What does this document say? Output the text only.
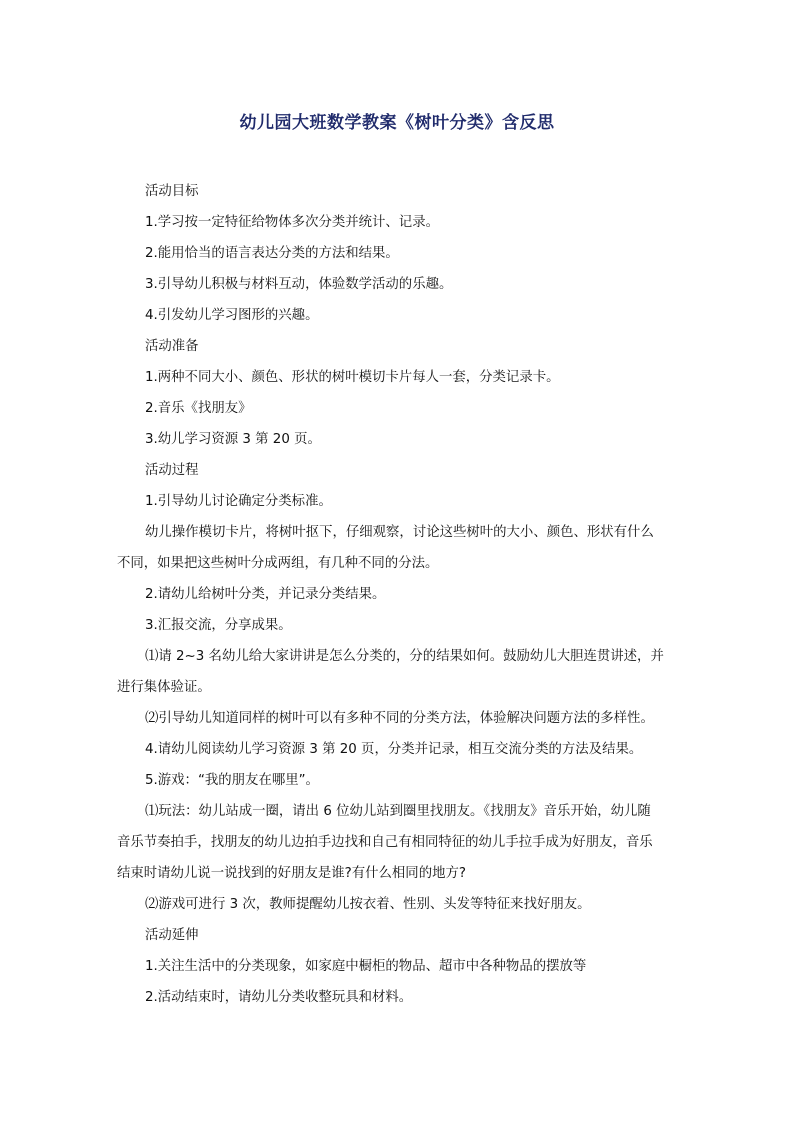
幼儿园大班数学教案《树叶分类》含反思

活动目标

1.学习按一定特征给物体多次分类并统计、记录。

2.能用恰当的语言表达分类的方法和结果。

3.引导幼儿积极与材料互动，体验数学活动的乐趣。

4.引发幼儿学习图形的兴趣。

活动准备

1.两种不同大小、颜色、形状的树叶模切卡片每人一套，分类记录卡。

2.音乐《找朋友》

3.幼儿学习资源 3 第 20 页。

活动过程

1.引导幼儿讨论确定分类标准。

幼儿操作模切卡片，将树叶抠下，仔细观察，讨论这些树叶的大小、颜色、形状有什么
不同，如果把这些树叶分成两组，有几种不同的分法。

2.请幼儿给树叶分类，并记录分类结果。

3.汇报交流，分享成果。

⑴请 2~3 名幼儿给大家讲讲是怎么分类的，分的结果如何。鼓励幼儿大胆连贯讲述，并
进行集体验证。

⑵引导幼儿知道同样的树叶可以有多种不同的分类方法，体验解决问题方法的多样性。

4.请幼儿阅读幼儿学习资源 3 第 20 页，分类并记录，相互交流分类的方法及结果。

5.游戏：“我的朋友在哪里”。

⑴玩法：幼儿站成一圈，请出 6 位幼儿站到圈里找朋友。《找朋友》音乐开始，幼儿随
音乐节奏拍手，找朋友的幼儿边拍手边找和自己有相同特征的幼儿手拉手成为好朋友，音乐
结束时请幼儿说一说找到的好朋友是谁?有什么相同的地方?

⑵游戏可进行 3 次，教师提醒幼儿按衣着、性别、头发等特征来找好朋友。

活动延伸

1.关注生活中的分类现象，如家庭中橱柜的物品、超市中各种物品的摆放等

2.活动结束时，请幼儿分类收整玩具和材料。
